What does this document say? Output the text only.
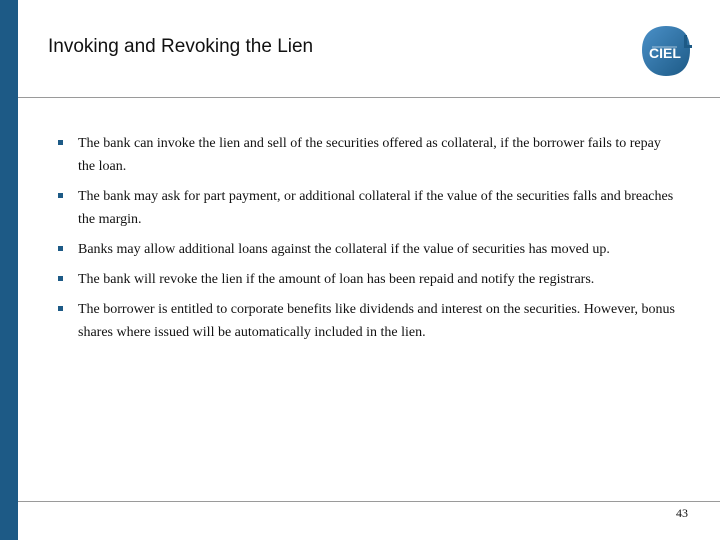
Invoking and Revoking the Lien	CIEL
The bank can invoke the lien and sell of the securities offered as collateral, if the borrower fails to repay the loan.
The bank may ask for part payment, or additional collateral if the value of the securities falls and breaches the margin.
Banks may allow additional loans against the collateral if the value of securities has moved up.
The bank will revoke the lien if the amount of loan has been repaid and notify the registrars.
The borrower is entitled to corporate benefits like dividends and interest on the securities. However, bonus shares where issued will be automatically included in the lien.
43
